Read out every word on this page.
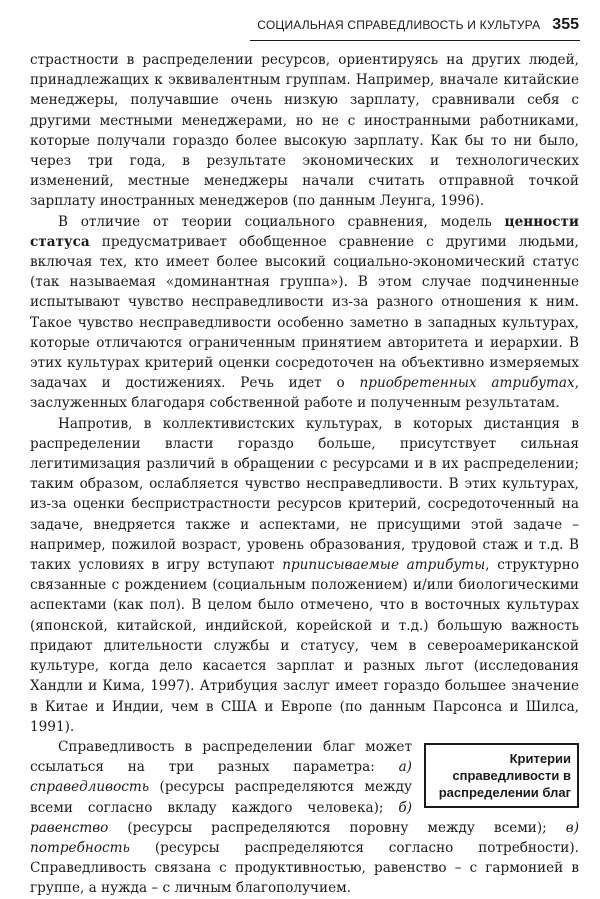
СОЦИАЛЬНАЯ СПРАВЕДЛИВОСТЬ И КУЛЬТУРА 355

страстности в распределении ресурсов, ориентируясь на других людей, принадлежащих к эквивалентным группам. Например, вначале китайские менеджеры, получавшие очень низкую зарплату, сравнивали себя с другими местными менеджерами, но не с иностранными работниками, которые получали гораздо более высокую зарплату. Как бы то ни было, через три года, в результате экономических и технологических изменений, местные менеджеры начали считать отправной точкой зарплату иностранных менеджеров (по данным Леунга, 1996).

В отличие от теории социального сравнения, модель ценности статуса предусматривает обобщенное сравнение с другими людьми, включая тех, кто имеет более высокий социально-экономический статус (так называемая «доминантная группа»). В этом случае подчиненные испытывают чувство несправедливости из-за разного отношения к ним. Такое чувство несправедливости особенно заметно в западных культурах, которые отличаются ограниченным принятием авторитета и иерархии. В этих культурах критерий оценки сосредоточен на объективно измеряемых задачах и достижениях. Речь идет о приобретенных атрибутах, заслуженных благодаря собственной работе и полученным результатам.

Напротив, в коллективистских культурах, в которых дистанция в распределении власти гораздо больше, присутствует сильная легитимизация различий в обращении с ресурсами и в их распределении; таким образом, ослабляется чувство несправедливости. В этих культурах, из-за оценки беспристрастности ресурсов критерий, сосредоточенный на задаче, внедряется также и аспектами, не присущими этой задаче – например, пожилой возраст, уровень образования, трудовой стаж и т.д. В таких условиях в игру вступают приписываемые атрибуты, структурно связанные с рождением (социальным положением) и/или биологическими аспектами (как пол). В целом было отмечено, что в восточных культурах (японской, китайской, индийской, корейской и т.д.) большую важность придают длительности службы и статусу, чем в североамериканской культуре, когда дело касается зарплат и разных льгот (исследования Хандли и Кима, 1997). Атрибуция заслуг имеет гораздо большее значение в Китае и Индии, чем в США и Европе (по данным Парсонса и Шилса, 1991).

Критерии
справедливости в
распределении благ

Справедливость в распределении благ может ссылаться на три разных параметра: а) справедливость (ресурсы распределяются между всеми согласно вкладу каждого человека); б) равенство (ресурсы распределяются поровну между всеми); в) потребность (ресурсы распределяются согласно потребности). Справедливость связана с продуктивностью, равенство – с гармонией в группе, а нужда – с личным благополучием.
